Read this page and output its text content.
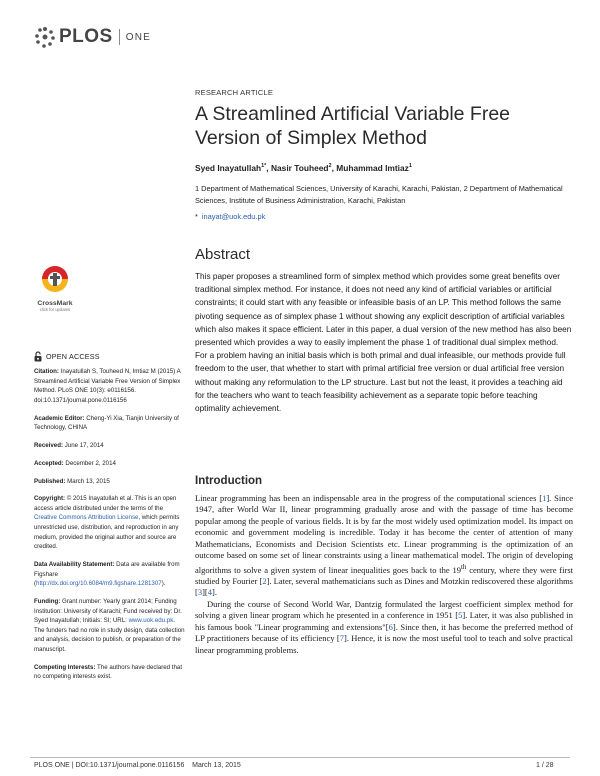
PLOS ONE
RESEARCH ARTICLE
A Streamlined Artificial Variable Free Version of Simplex Method
Syed Inayatullah$^{1*}$, Nasir Touheed$^2$, Muhammad Imtiaz$^1$
1 Department of Mathematical Sciences, University of Karachi, Karachi, Pakistan, 2 Department of Mathematical Sciences, Institute of Business Administration, Karachi, Pakistan
* inayat@uok.edu.pk
Abstract
This paper proposes a streamlined form of simplex method which provides some great benefits over traditional simplex method. For instance, it does not need any kind of artificial variables or artificial constraints; it could start with any feasible or infeasible basis of an LP. This method follows the same pivoting sequence as of simplex phase 1 without showing any explicit description of artificial variables which also makes it space efficient. Later in this paper, a dual version of the new method has also been presented which provides a way to easily implement the phase 1 of traditional dual simplex method. For a problem having an initial basis which is both primal and dual infeasible, our methods provide full freedom to the user, that whether to start with primal artificial free version or dual artificial free version without making any reformulation to the LP structure. Last but not the least, it provides a teaching aid for the teachers who want to teach feasibility achievement as a separate topic before teaching optimality achievement.
CrossMark
click for updates
OPEN ACCESS

Citation: Inayatullah S, Touheed N, Imtiaz M (2015) A Streamlined Artificial Variable Free Version of Simplex Method. PLoS ONE 10(3): e0116156. doi:10.1371/journal.pone.0116156

Academic Editor: Cheng-Yi Xia, Tianjin University of Technology, CHINA

Received: June 17, 2014

Accepted: December 2, 2014

Published: March 13, 2015

Copyright: © 2015 Inayatullah et al. This is an open access article distributed under the terms of the Creative Commons Attribution License, which permits unrestricted use, distribution, and reproduction in any medium, provided the original author and source are credited.

Data Availability Statement: Data are available from Figshare (http://dx.doi.org/10.6084/m9.figshare.1281307).

Funding: Grant number: Yearly grant 2014; Funding Institution: University of Karachi; Fund received by: Dr. Syed Inayatullah; Initials: SI; URL: www.uok.edu.pk. The funders had no role in study design, data collection and analysis, decision to publish, or preparation of the manuscript.

Competing Interests: The authors have declared that no competing interests exist.

Introduction

Linear programming has been an indispensable area in the progress of the computational sciences [1]. Since 1947, after World War II, linear programming gradually arose and with the passage of time has become popular among the people of various fields. It is by far the most widely used optimization model. Its impact on economic and government modeling is incredible. Today it has become the center of attention of many Mathematicians, Economists and Decision Scientists etc. Linear programming is the optimization of an outcome based on some set of linear constraints using a linear mathematical model. The origin of developing algorithms to solve a given system of linear inequalities goes back to the 19th century, where they were first studied by Fourier [2]. Later, several mathematicians such as Dines and Motzkin rediscovered these algorithms [3][4].

During the course of Second World War, Dantzig formulated the largest coefficient simplex method for solving a given linear program which he presented in a conference in 1951 [5]. Later, it was also published in his famous book "Linear programming and extensions"[6]. Since then, it has become the preferred method of LP practitioners because of its efficiency [7]. Hence, it is now the most useful tool to teach and solve practical linear programming problems.

PLOS ONE | DOI:10.1371/journal.pone.0116156    March 13, 2015	1 / 28
